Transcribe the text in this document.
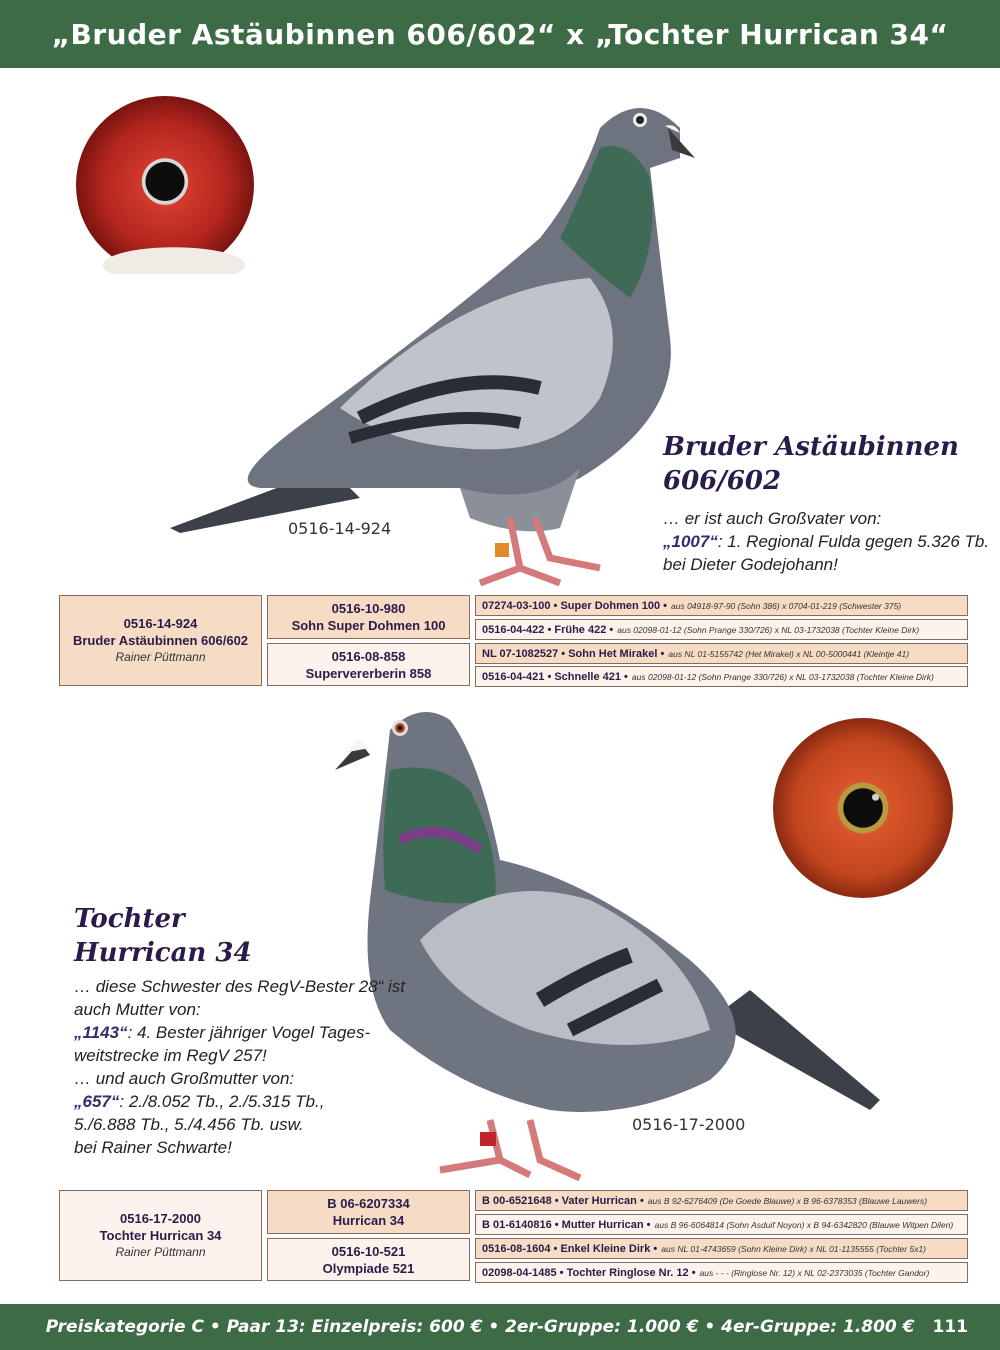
„Bruder Astäubinnen 606/602“ x „Tochter Hurrican 34“
0516-14-924
Bruder Astäubinnen
606/602

… er ist auch Großvater von:

„1007“: 1. Regional Fulda gegen 5.326 Tb.

bei Dieter Godejohann!

0516-14-924
Bruder Astäubinnen 606/602
Rainer Püttmann
0516-10-980
Sohn Super Dohmen 100
0516-08-858
Supervererberin 858
07274-03-100 • Super Dohmen 100 • aus 04918-97-90 (Sohn 386) x 0704-01-219 (Schwester 375)
0516-04-422 • Frühe 422 • aus 02098-01-12 (Sohn Prange 330/726) x NL 03-1732038 (Tochter Kleine Dirk)
NL 07-1082527 • Sohn Het Mirakel • aus NL 01-5155742 (Het Mirakel) x NL 00-5000441 (Kleintje 41)
0516-04-421 • Schnelle 421 • aus 02098-01-12 (Sohn Prange 330/726) x NL 03-1732038 (Tochter Kleine Dirk)
Tochter
Hurrican 34

… diese Schwester des RegV-Bester 28“ ist

auch Mutter von:

„1143“: 4. Bester jähriger Vogel Tages-

weitstrecke im RegV 257!

… und auch Großmutter von:

„657“: 2./8.052 Tb., 2./5.315 Tb.,

5./6.888 Tb., 5./4.456 Tb. usw.

bei Rainer Schwarte!

0516-17-2000
0516-17-2000
Tochter Hurrican 34
Rainer Püttmann
B 06-6207334
Hurrican 34
0516-10-521
Olympiade 521
B 00-6521648 • Vater Hurrican • aus B 92-6276409 (De Goede Blauwe) x B 96-6378353 (Blauwe Lauwers)
B 01-6140816 • Mutter Hurrican • aus B 96-6064814 (Sohn Asduif Noyon) x B 94-6342820 (Blauwe Witpen Dilen)
0516-08-1604 • Enkel Kleine Dirk • aus NL 01-4743659 (Sohn Kleine Dirk) x NL 01-1135555 (Tochter 5x1)
02098-04-1485 • Tochter Ringlose Nr. 12 • aus - - - (Ringlose Nr. 12) x NL 02-2373035 (Tochter Gandor)
Preiskategorie C • Paar 13: Einzelpreis: 600 € • 2er-Gruppe: 1.000 € • 4er-Gruppe: 1.800 € 111
